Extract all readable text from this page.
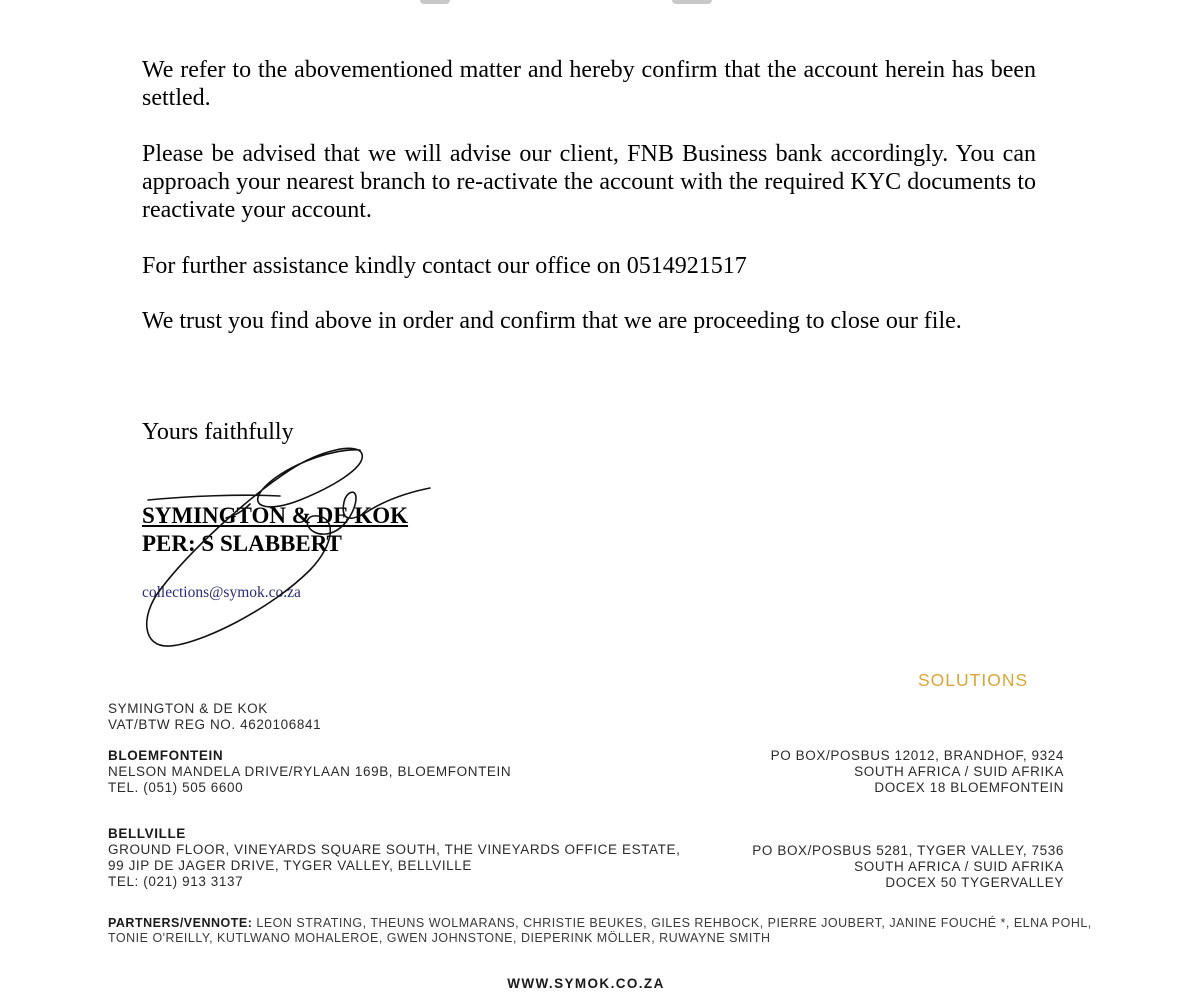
We refer to the abovementioned matter and hereby confirm that the account herein has been settled.
Please be advised that we will advise our client, FNB Business bank accordingly. You can approach your nearest branch to re-activate the account with the required KYC documents to reactivate your account.
For further assistance kindly contact our office on 0514921517
We trust you find above in order and confirm that we are proceeding to close our file.
Yours faithfully
SYMINGTON & DE KOK
PER: S SLABBERT
collections@symok.co.za
SOLUTIONS
SYMINGTON & DE KOK
VAT/BTW REG NO. 4620106841
BLOEMFONTEIN
NELSON MANDELA DRIVE/RYLAAN 169B, BLOEMFONTEIN
TEL. (051) 505 6600
PO BOX/POSBUS 12012, BRANDHOF, 9324
SOUTH AFRICA / SUID AFRIKA
DOCEX 18 BLOEMFONTEIN
BELLVILLE
GROUND FLOOR, VINEYARDS SQUARE SOUTH, THE VINEYARDS OFFICE ESTATE,
99 JIP DE JAGER DRIVE, TYGER VALLEY, BELLVILLE
TEL: (021) 913 3137
PO BOX/POSBUS 5281, TYGER VALLEY, 7536
SOUTH AFRICA / SUID AFRIKA
DOCEX 50 TYGERVALLEY
PARTNERS/VENNOTE: LEON STRATING, THEUNS WOLMARANS, CHRISTIE BEUKES, GILES REHBOCK, PIERRE JOUBERT, JANINE FOUCHÉ *, ELNA POHL,
TONIE O'REILLY, KUTLWANO MOHALEROE, GWEN JOHNSTONE, DIEPERINK MÖLLER, RUWAYNE SMITH
WWW.SYMOK.CO.ZA
